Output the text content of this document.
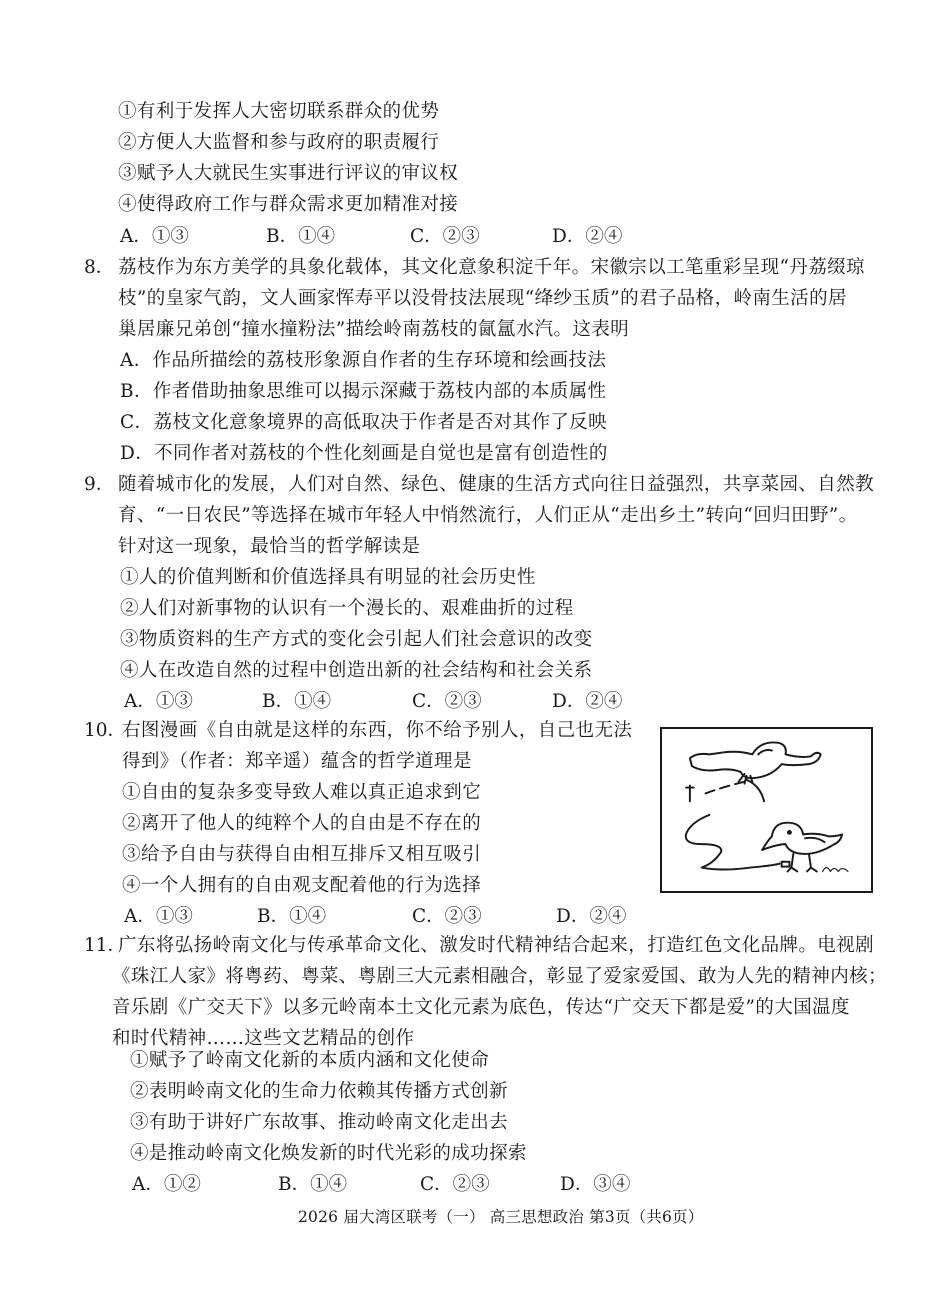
①有利于发挥人大密切联系群众的优势
②方便人大监督和参与政府的职责履行
③赋予人大就民生实事进行评议的审议权
④使得政府工作与群众需求更加精准对接
A．①③	B．①④	C．②③	D．②④
8． 荔枝作为东方美学的具象化载体，其文化意象积淀千年。宋徽宗以工笔重彩呈现“丹荔缀琼
枝”的皇家气韵，文人画家恽寿平以没骨技法展现“绛纱玉质”的君子品格，岭南生活的居
巢居廉兄弟创“撞水撞粉法”描绘岭南荔枝的氤氲水汽。这表明
A．作品所描绘的荔枝形象源自作者的生存环境和绘画技法
B．作者借助抽象思维可以揭示深藏于荔枝内部的本质属性
C．荔枝文化意象境界的高低取决于作者是否对其作了反映
D．不同作者对荔枝的个性化刻画是自觉也是富有创造性的
9． 随着城市化的发展，人们对自然、绿色、健康的生活方式向往日益强烈，共享菜园、自然教
育、“一日农民”等选择在城市年轻人中悄然流行，人们正从“走出乡土”转向“回归田野”。
针对这一现象，最恰当的哲学解读是
①人的价值判断和价值选择具有明显的社会历史性
②人们对新事物的认识有一个漫长的、艰难曲折的过程
③物质资料的生产方式的变化会引起人们社会意识的改变
④人在改造自然的过程中创造出新的社会结构和社会关系
A．①③	B．①④	C．②③	D．②④
10．
右图漫画《自由就是这样的东西，你不给予别人，自己也无法
得到》（作者：郑辛遥）蕴含的哲学道理是
①自由的复杂多变导致人难以真正追求到它
②离开了他人的纯粹个人的自由是不存在的
③给予自由与获得自由相互排斥又相互吸引
④一个人拥有的自由观支配着他的行为选择
A．①③	B．①④	C．②③	D．②④
11．
广东将弘扬岭南文化与传承革命文化、激发时代精神结合起来，打造红色文化品牌。电视剧
《珠江人家》将粤药、粤菜、粤剧三大元素相融合，彰显了爱家爱国、敢为人先的精神内核；
音乐剧《广交天下》以多元岭南本土文化元素为底色，传达“广交天下都是爱”的大国温度
和时代精神……这些文艺精品的创作
①赋予了岭南文化新的本质内涵和文化使命
②表明岭南文化的生命力依赖其传播方式创新
③有助于讲好广东故事、推动岭南文化走出去
④是推动岭南文化焕发新的时代光彩的成功探索
A．①②	B．①④	C．②③	D．③④
2026 届大湾区联考（一） 高三思想政治 第3页（共6页）
